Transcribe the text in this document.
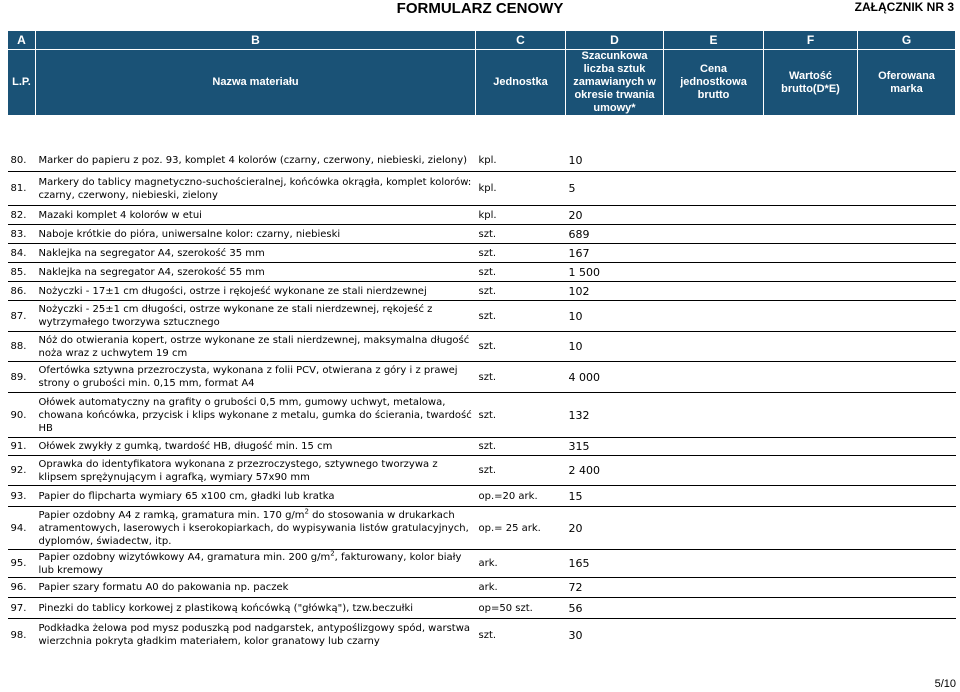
FORMULARZ CENOWY	ZAŁĄCZNIK NR 3
A	B	C	D	E	F	G
L.P.	Nazwa materiału	Jednostka	Szacunkowa liczba sztuk zamawianych w okresie trwania umowy*	Cena jednostkowa brutto	Wartość brutto(D*E)	Oferowana marka

80.	Marker do papieru z poz. 93, komplet 4 kolorów (czarny, czerwony, niebieski, zielony)	kpl.	10			
81.	Markery do tablicy magnetyczno-suchościeralnej, końcówka okrągła, komplet kolorów: czarny, czerwony, niebieski, zielony	kpl.	5			
82.	Mazaki komplet 4 kolorów w etui	kpl.	20			
83.	Naboje krótkie do pióra, uniwersalne kolor: czarny, niebieski	szt.	689			
84.	Naklejka na segregator A4, szerokość 35 mm	szt.	167			
85.	Naklejka na segregator A4, szerokość 55 mm	szt.	1 500			
86.	Nożyczki - 17±1 cm długości, ostrze i rękojeść wykonane ze stali nierdzewnej	szt.	102			
87.	Nożyczki - 25±1 cm długości, ostrze wykonane ze stali nierdzewnej, rękojeść z wytrzymałego tworzywa sztucznego	szt.	10			
88.	Nóż do otwierania kopert, ostrze wykonane ze stali nierdzewnej, maksymalna długość noża wraz z uchwytem 19 cm	szt.	10			
89.	Ofertówka sztywna przezroczysta, wykonana z folii PCV, otwierana z góry i z prawej strony o grubości min. 0,15 mm, format A4	szt.	4 000			
90.	Ołówek automatyczny na grafity o grubości 0,5 mm, gumowy uchwyt, metalowa, chowana końcówka, przycisk i klips wykonane z metalu, gumka do ścierania, twardość HB	szt.	132			
91.	Ołówek zwykły z gumką, twardość HB, długość min. 15 cm	szt.	315			
92.	Oprawka do identyfikatora wykonana z przezroczystego, sztywnego tworzywa z klipsem sprężynującym i agrafką, wymiary 57x90 mm	szt.	2 400			
93.	Papier do flipcharta wymiary 65 x100 cm, gładki lub kratka	op.=20 ark.	15			
94.	Papier ozdobny A4 z ramką, gramatura min. 170 $g/m^2$ do stosowania w drukarkach atramentowych, laserowych i kserokopiarkach, do wypisywania listów gratulacyjnych, dyplomów, świadectw, itp.	op.= 25 ark.	20			
95.	Papier ozdobny wizytówkowy A4, gramatura min. 200 $g/m^2$, fakturowany, kolor biały lub kremowy	ark.	165			
96.	Papier szary formatu A0 do pakowania np. paczek	ark.	72			
97.	Pinezki do tablicy korkowej z plastikową końcówką ("główką"), tzw.beczułki	op=50 szt.	56			
98.	Podkładka żelowa pod mysz poduszką pod nadgarstek, antypoślizgowy spód, warstwa wierzchnia pokryta gładkim materiałem, kolor granatowy lub czarny	szt.	30			
5/10
